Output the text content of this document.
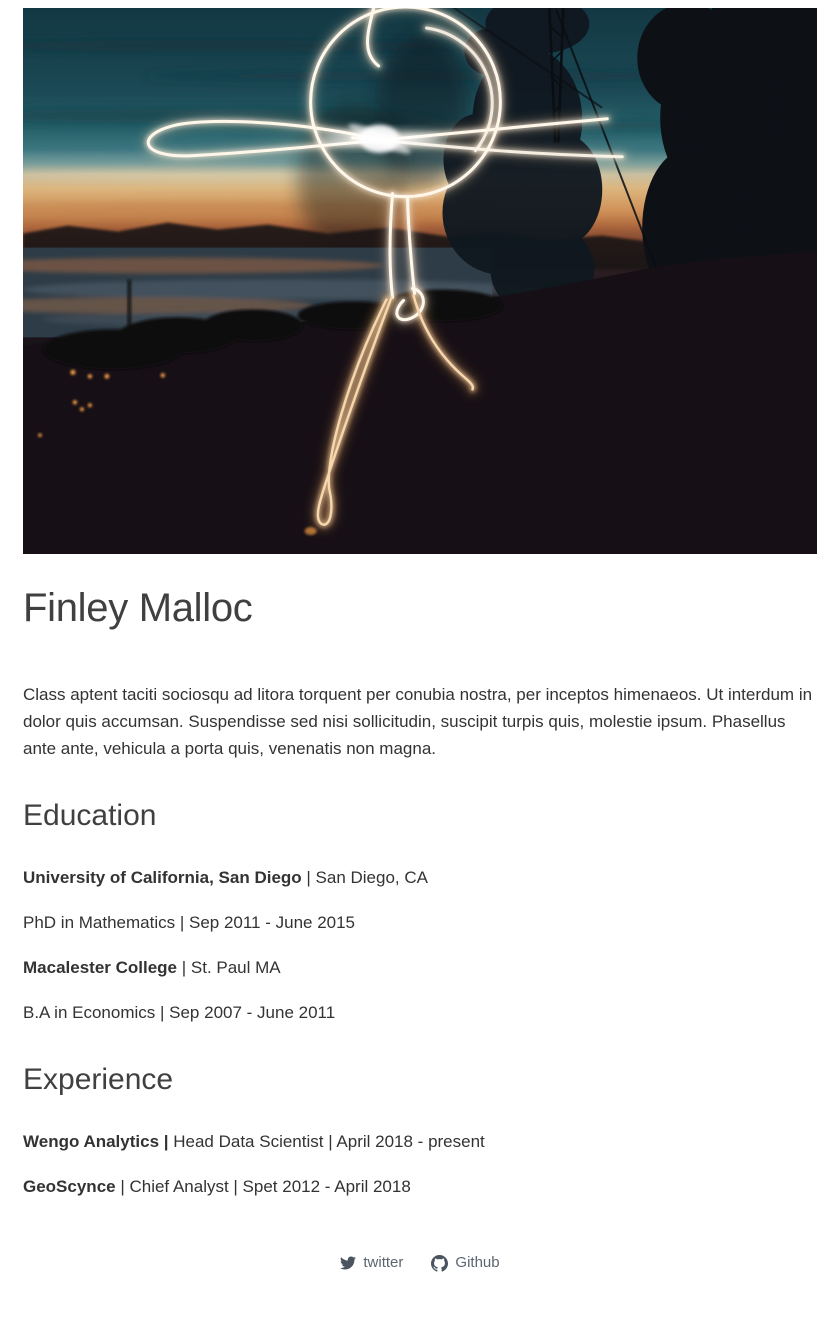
Finley Malloc

Class aptent taciti sociosqu ad litora torquent per conubia nostra, per inceptos himenaeos. Ut interdum in dolor quis accumsan. Suspendisse sed nisi sollicitudin, suscipit turpis quis, molestie ipsum. Phasellus ante ante, vehicula a porta quis, venenatis non magna.

Education

University of California, San Diego | San Diego, CA

PhD in Mathematics | Sep 2011 - June 2015

Macalester College | St. Paul MA

B.A in Economics | Sep 2007 - June 2011

Experience

Wengo Analytics | Head Data Scientist | April 2018 - present

GeoScynce | Chief Analyst | Spet 2012 - April 2018

twitter	Github
